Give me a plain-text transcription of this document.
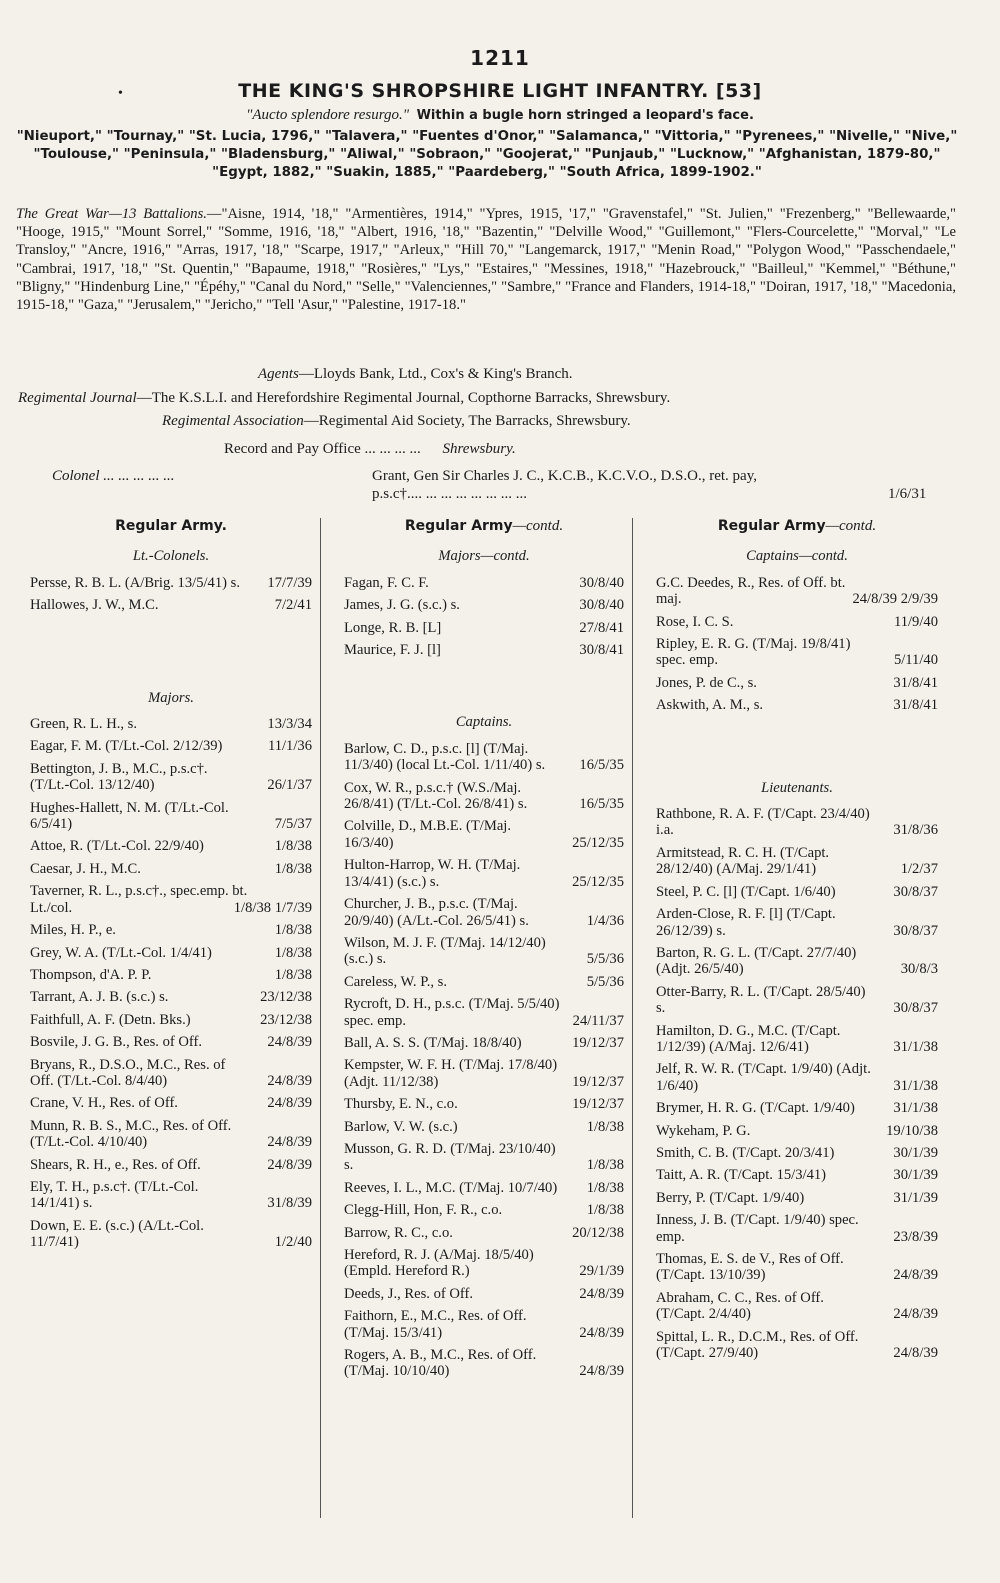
1211
•	THE KING'S SHROPSHIRE LIGHT INFANTRY. [53]
"Aucto splendore resurgo." Within a bugle horn stringed a leopard's face.
"Nieuport," "Tournay," "St. Lucia, 1796," "Talavera," "Fuentes d'Onor," "Salamanca," "Vittoria," "Pyrenees," "Nivelle," "Nive," "Toulouse," "Peninsula," "Bladensburg," "Aliwal," "Sobraon," "Goojerat," "Punjaub," "Lucknow," "Afghanistan, 1879-80," "Egypt, 1882," "Suakin, 1885," "Paardeberg," "South Africa, 1899-1902."
The Great War—13 Battalions.—"Aisne, 1914, '18," "Armentières, 1914," "Ypres, 1915, '17," "Gravenstafel," "St. Julien," "Frezenberg," "Bellewaarde," "Hooge, 1915," "Mount Sorrel," "Somme, 1916, '18," "Albert, 1916, '18," "Bazentin," "Delville Wood," "Guillemont," "Flers-Courcelette," "Morval," "Le Transloy," "Ancre, 1916," "Arras, 1917, '18," "Scarpe, 1917," "Arleux," "Hill 70," "Langemarck, 1917," "Menin Road," "Polygon Wood," "Passchendaele," "Cambrai, 1917, '18," "St. Quentin," "Bapaume, 1918," "Rosières," "Lys," "Estaires," "Messines, 1918," "Hazebrouck," "Bailleul," "Kemmel," "Béthune," "Bligny," "Hindenburg Line," "Épéhy," "Canal du Nord," "Selle," "Valenciennes," "Sambre," "France and Flanders, 1914-18," "Doiran, 1917, '18," "Macedonia, 1915-18," "Gaza," "Jerusalem," "Jericho," "Tell 'Asur," "Palestine, 1917-18."
Agents—Lloyds Bank, Ltd., Cox's & King's Branch.
Regimental Journal—The K.S.L.I. and Herefordshire Regimental Journal, Copthorne Barracks, Shrewsbury.
Regimental Association—Regimental Aid Society, The Barracks, Shrewsbury.
Record and Pay Office ... ... ... ... Shrewsbury.
Colonel ... ... ... ... ...	Grant, Gen Sir Charles J. C., K.C.B., K.C.V.O., D.S.O., ret. pay,
p.s.c†.... ... ... ... ... ... ... ...	1/6/31
Regular Army.
Lt.-Colonels.
Persse, R. B. L. (A/Brig. 13/5/41) s.	17/7/39
Hallowes, J. W., M.C.	7/2/41
Majors.
Green, R. L. H., s.	13/3/34
Eagar, F. M. (T/Lt.-Col. 2/12/39)	11/1/36
Bettington, J. B., M.C., p.s.c†. (T/Lt.-Col. 13/12/40)	26/1/37
Hughes-Hallett, N. M. (T/Lt.-Col. 6/5/41)	7/5/37
Attoe, R. (T/Lt.-Col. 22/9/40)	1/8/38
Caesar, J. H., M.C.	1/8/38
Taverner, R. L., p.s.c†., spec.emp. bt. Lt./col.	1/8/38 1/7/39
Miles, H. P., e.	1/8/38
Grey, W. A. (T/Lt.-Col. 1/4/41)	1/8/38
Thompson, d'A. P. P.	1/8/38
Tarrant, A. J. B. (s.c.) s.	23/12/38
Faithfull, A. F. (Detn. Bks.)	23/12/38
Bosvile, J. G. B., Res. of Off.	24/8/39
Bryans, R., D.S.O., M.C., Res. of Off. (T/Lt.-Col. 8/4/40)	24/8/39
Crane, V. H., Res. of Off.	24/8/39
Munn, R. B. S., M.C., Res. of Off. (T/Lt.-Col. 4/10/40)	24/8/39
Shears, R. H., e., Res. of Off.	24/8/39
Ely, T. H., p.s.c†. (T/Lt.-Col. 14/1/41) s.	31/8/39
Down, E. E. (s.c.) (A/Lt.-Col. 11/7/41)	1/2/40
Regular Army—contd.
Majors—contd.
Fagan, F. C. F.	30/8/40
James, J. G. (s.c.) s.	30/8/40
Longe, R. B. [L]	27/8/41
Maurice, F. J. [l]	30/8/41
Captains.
Barlow, C. D., p.s.c. [l] (T/Maj. 11/3/40) (local Lt.-Col. 1/11/40) s.	16/5/35
Cox, W. R., p.s.c.† (W.S./Maj. 26/8/41) (T/Lt.-Col. 26/8/41) s.	16/5/35
Colville, D., M.B.E. (T/Maj. 16/3/40)	25/12/35
Hulton-Harrop, W. H. (T/Maj. 13/4/41) (s.c.) s.	25/12/35
Churcher, J. B., p.s.c. (T/Maj. 20/9/40) (A/Lt.-Col. 26/5/41) s.	1/4/36
Wilson, M. J. F. (T/Maj. 14/12/40) (s.c.) s.	5/5/36
Careless, W. P., s.	5/5/36
Rycroft, D. H., p.s.c. (T/Maj. 5/5/40) spec. emp.	24/11/37
Ball, A. S. S. (T/Maj. 18/8/40)	19/12/37
Kempster, W. F. H. (T/Maj. 17/8/40) (Adjt. 11/12/38)	19/12/37
Thursby, E. N., c.o.	19/12/37
Barlow, V. W. (s.c.)	1/8/38
Musson, G. R. D. (T/Maj. 23/10/40) s.	1/8/38
Reeves, I. L., M.C. (T/Maj. 10/7/40)	1/8/38
Clegg-Hill, Hon, F. R., c.o.	1/8/38
Barrow, R. C., c.o.	20/12/38
Hereford, R. J. (A/Maj. 18/5/40) (Empld. Hereford R.)	29/1/39
Deeds, J., Res. of Off.	24/8/39
Faithorn, E., M.C., Res. of Off. (T/Maj. 15/3/41)	24/8/39
Rogers, A. B., M.C., Res. of Off. (T/Maj. 10/10/40)	24/8/39
Regular Army—contd.
Captains—contd.
G.C. Deedes, R., Res. of Off. bt. maj.	24/8/39 2/9/39
Rose, I. C. S.	11/9/40
Ripley, E. R. G. (T/Maj. 19/8/41) spec. emp.	5/11/40
Jones, P. de C., s.	31/8/41
Askwith, A. M., s.	31/8/41
Lieutenants.
Rathbone, R. A. F. (T/Capt. 23/4/40) i.a.	31/8/36
Armitstead, R. C. H. (T/Capt. 28/12/40) (A/Maj. 29/1/41)	1/2/37
Steel, P. C. [l] (T/Capt. 1/6/40)	30/8/37
Arden-Close, R. F. [l] (T/Capt. 26/12/39) s.	30/8/37
Barton, R. G. L. (T/Capt. 27/7/40) (Adjt. 26/5/40)	30/8/3
Otter-Barry, R. L. (T/Capt. 28/5/40) s.	30/8/37
Hamilton, D. G., M.C. (T/Capt. 1/12/39) (A/Maj. 12/6/41)	31/1/38
Jelf, R. W. R. (T/Capt. 1/9/40) (Adjt. 1/6/40)	31/1/38
Brymer, H. R. G. (T/Capt. 1/9/40)	31/1/38
Wykeham, P. G.	19/10/38
Smith, C. B. (T/Capt. 20/3/41)	30/1/39
Taitt, A. R. (T/Capt. 15/3/41)	30/1/39
Berry, P. (T/Capt. 1/9/40)	31/1/39
Inness, J. B. (T/Capt. 1/9/40) spec. emp.	23/8/39
Thomas, E. S. de V., Res of Off. (T/Capt. 13/10/39)	24/8/39
Abraham, C. C., Res. of Off. (T/Capt. 2/4/40)	24/8/39
Spittal, L. R., D.C.M., Res. of Off. (T/Capt. 27/9/40)	24/8/39
